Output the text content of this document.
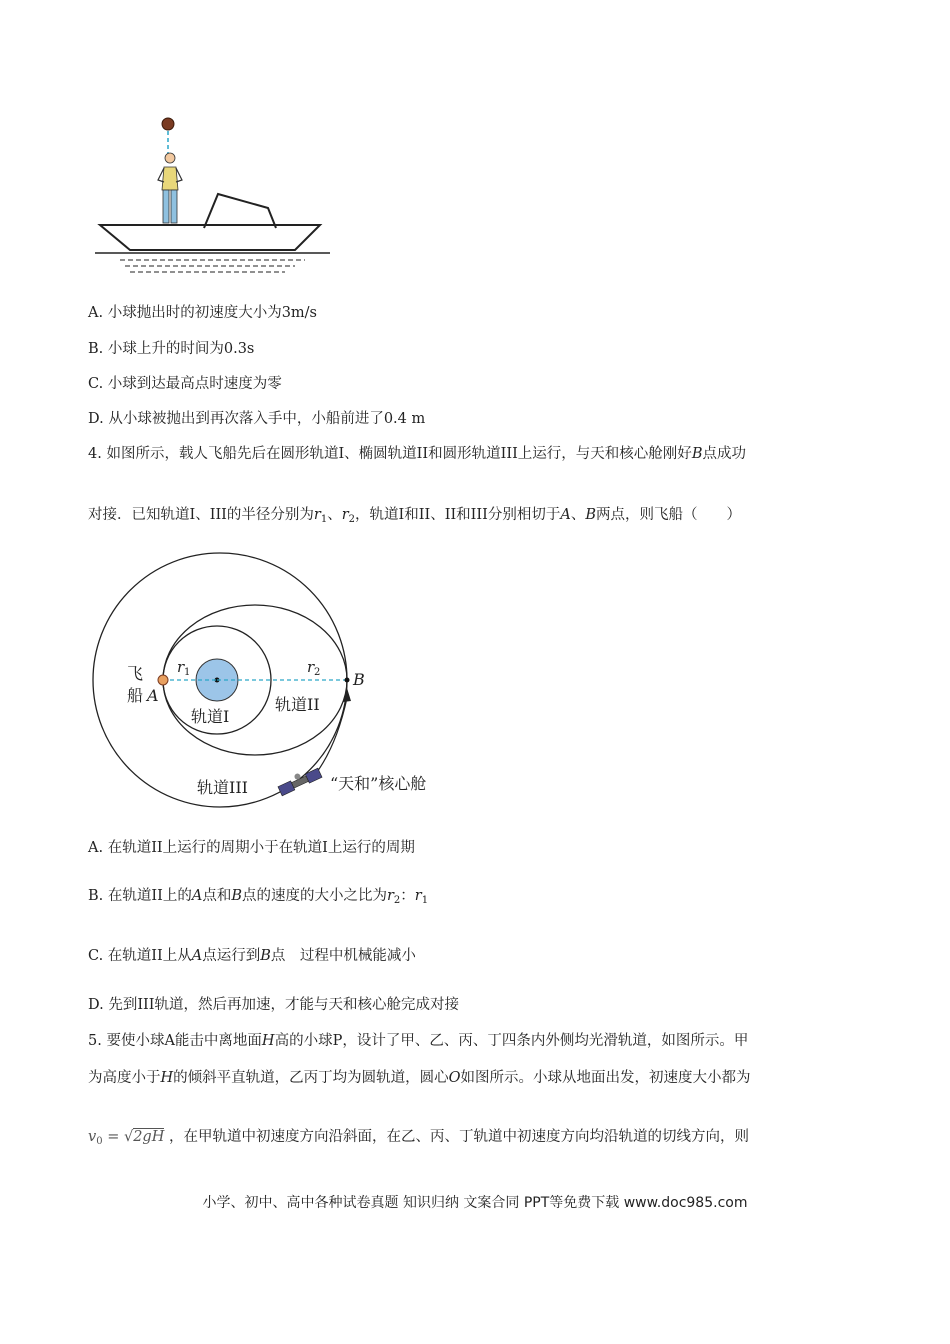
A. 小球抛出时的初速度大小为3m/s
B. 小球上升的时间为0.3s
C. 小球到达最高点时速度为零
D. 从小球被抛出到再次落入手中，小船前进了0.4 m
4. 如图所示，载人飞船先后在圆形轨道Ⅰ、椭圆轨道II和圆形轨道III上运行，与天和核心舱刚好B点成功
对接．已知轨道Ⅰ、III的半径分别为$r_1$、$r_2$，轨道Ⅰ和II、II和III分别相切于A、B两点，则飞船（　　）
飞
船 A
B
r 1	r 2
轨道Ⅰ
轨道II
轨道III	“天和”核心舱
A. 在轨道II上运行的周期小于在轨道Ⅰ上运行的周期
B. 在轨道II上的A点和B点的速度的大小之比为$r_2$：$r_1$
C. 在轨道II上从A点运行到B点　过程中机械能减小
D. 先到III轨道，然后再加速，才能与天和核心舱完成对接
5. 要使小球A能击中离地面H高的小球P，设计了甲、乙、丙、丁四条内外侧均光滑轨道，如图所示。甲
为高度小于H的倾斜平直轨道，乙丙丁均为圆轨道，圆心O如图所示。小球从地面出发，初速度大小都为
$v_0 = √2gH$ ，在甲轨道中初速度方向沿斜面，在乙、丙、丁轨道中初速度方向均沿轨道的切线方向，则
小学、初中、高中各种试卷真题 知识归纳 文案合同 PPT等免费下载 www.doc985.com
